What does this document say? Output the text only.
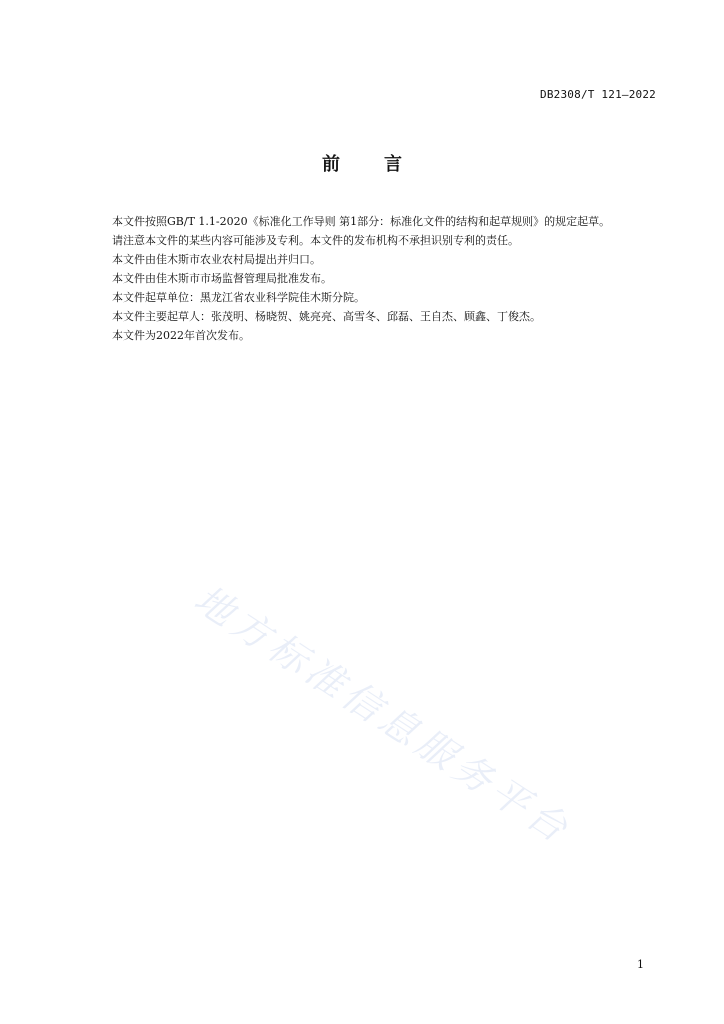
DB2308/T 121—2022
前言

本文件按照GB/T 1.1-2020《标准化工作导则 第1部分：标准化文件的结构和起草规则》的规定起草。

请注意本文件的某些内容可能涉及专利。本文件的发布机构不承担识别专利的责任。

本文件由佳木斯市农业农村局提出并归口。

本文件由佳木斯市市场监督管理局批准发布。

本文件起草单位：黑龙江省农业科学院佳木斯分院。

本文件主要起草人：张茂明、杨晓贺、姚亮亮、高雪冬、邱磊、王自杰、顾鑫、丁俊杰。

本文件为2022年首次发布。

地方标准信息服务平台
1
